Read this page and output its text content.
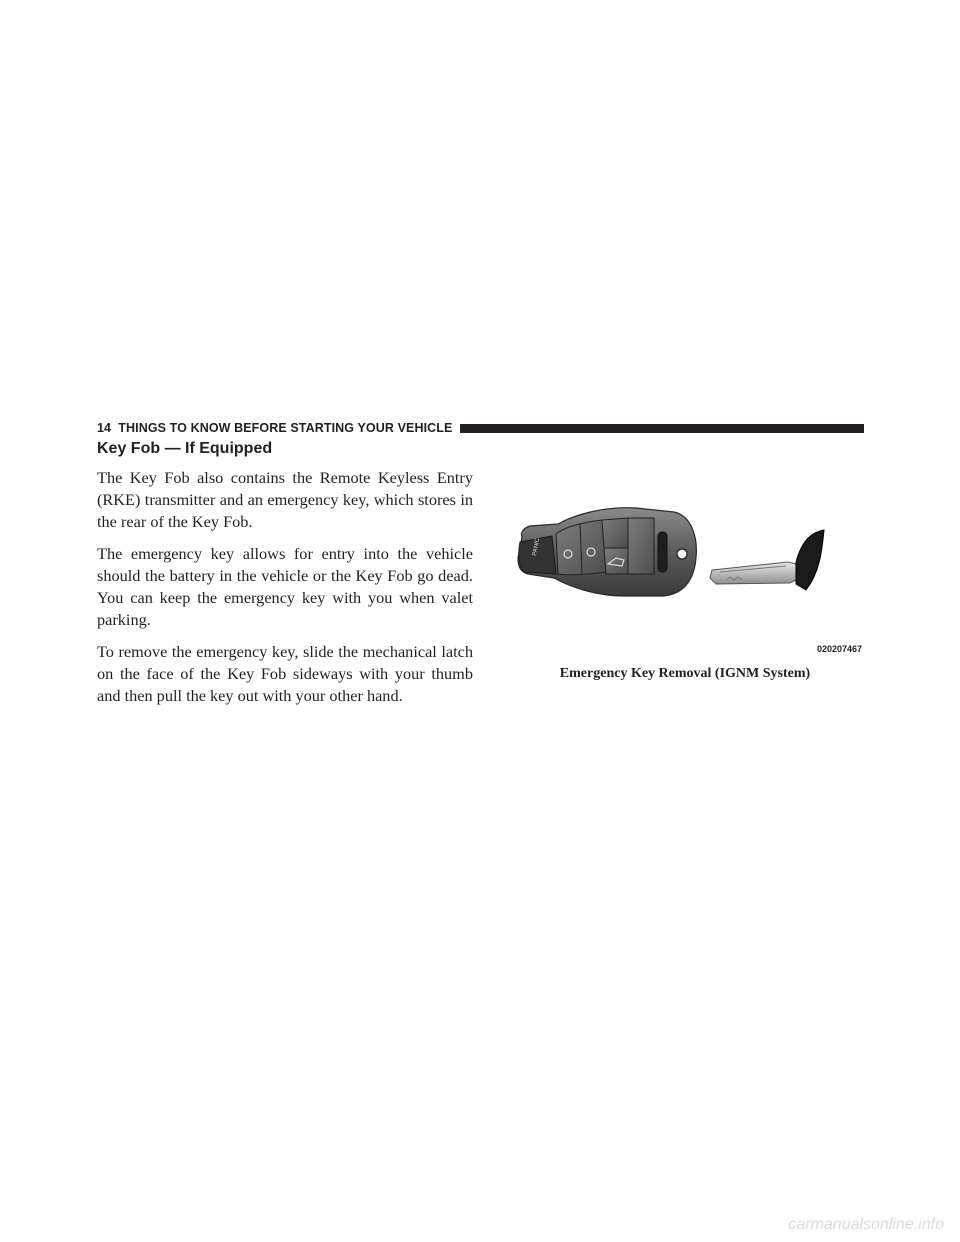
14 THINGS TO KNOW BEFORE STARTING YOUR VEHICLE
Key Fob — If Equipped

The Key Fob also contains the Remote Keyless Entry (RKE) transmitter and an emergency key, which stores in the rear of the Key Fob.

The emergency key allows for entry into the vehicle should the battery in the vehicle or the Key Fob go dead. You can keep the emergency key with you when valet parking.

To remove the emergency key, slide the mechanical latch on the face of the Key Fob sideways with your thumb and then pull the key out with your other hand.

PANIC
020207467
Emergency Key Removal (IGNM System)
carmanualsonline.info
